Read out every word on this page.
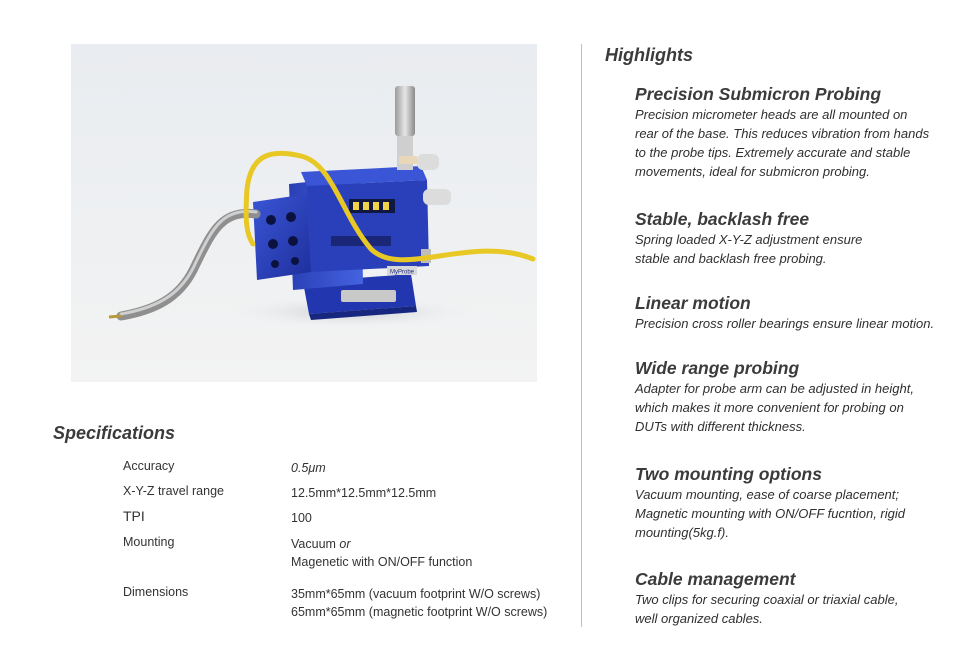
MyProbe
Specifications
Accuracy	0.5μm
X-Y-Z travel range	12.5mm*12.5mm*12.5mm
TPI	100
Mounting	Vacuum or
Magenetic with ON/OFF function
Dimensions	35mm*65mm (vacuum footprint W/O screws)
65mm*65mm (magnetic footprint W/O screws)
Highlights
Precision Submicron Probing
Precision micrometer heads are all mounted on
rear of the base. This reduces vibration from hands
to the probe tips. Extremely accurate and stable
movements, ideal for submicron probing.
Stable, backlash free
Spring loaded X-Y-Z adjustment ensure
stable and backlash free probing.
Linear motion
Precision cross roller bearings ensure linear motion.
Wide range probing
Adapter for probe arm can be adjusted in height,
which makes it more convenient for probing on
DUTs with different thickness.
Two mounting options
Vacuum mounting, ease of coarse placement;
Magnetic mounting with ON/OFF fucntion, rigid
mounting(5kg.f).
Cable management
Two clips for securing coaxial or triaxial cable,
well organized cables.
